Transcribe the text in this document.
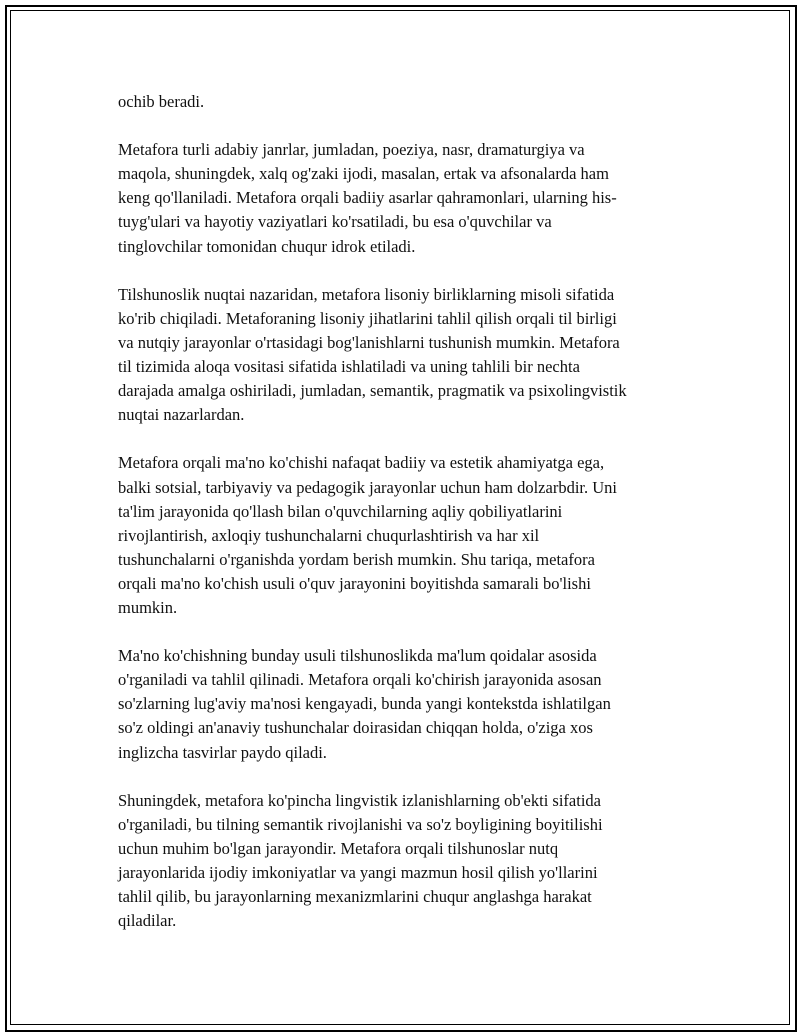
ochib beradi.

Metafora turli adabiy janrlar, jumladan, poeziya, nasr, dramaturgiya va
maqola, shuningdek, xalq og'zaki ijodi, masalan, ertak va afsonalarda ham
keng qo'llaniladi. Metafora orqali badiiy asarlar qahramonlari, ularning his-
tuyg'ulari va hayotiy vaziyatlari ko'rsatiladi, bu esa o'quvchilar va
tinglovchilar tomonidan chuqur idrok etiladi.

Tilshunoslik nuqtai nazaridan, metafora lisoniy birliklarning misoli sifatida
ko'rib chiqiladi. Metaforaning lisoniy jihatlarini tahlil qilish orqali til birligi
va nutqiy jarayonlar o'rtasidagi bog'lanishlarni tushunish mumkin. Metafora
til tizimida aloqa vositasi sifatida ishlatiladi va uning tahlili bir nechta
darajada amalga oshiriladi, jumladan, semantik, pragmatik va psixolingvistik
nuqtai nazarlardan.

Metafora orqali ma'no ko'chishi nafaqat badiiy va estetik ahamiyatga ega,
balki sotsial, tarbiyaviy va pedagogik jarayonlar uchun ham dolzarbdir. Uni
ta'lim jarayonida qo'llash bilan o'quvchilarning aqliy qobiliyatlarini
rivojlantirish, axloqiy tushunchalarni chuqurlashtirish va har xil
tushunchalarni o'rganishda yordam berish mumkin. Shu tariqa, metafora
orqali ma'no ko'chish usuli o'quv jarayonini boyitishda samarali bo'lishi
mumkin.

Ma'no ko'chishning bunday usuli tilshunoslikda ma'lum qoidalar asosida
o'rganiladi va tahlil qilinadi. Metafora orqali ko'chirish jarayonida asosan
so'zlarning lug'aviy ma'nosi kengayadi, bunda yangi kontekstda ishlatilgan
so'z oldingi an'anaviy tushunchalar doirasidan chiqqan holda, o'ziga xos
inglizcha tasvirlar paydo qiladi.

Shuningdek, metafora ko'pincha lingvistik izlanishlarning ob'ekti sifatida
o'rganiladi, bu tilning semantik rivojlanishi va so'z boyligining boyitilishi
uchun muhim bo'lgan jarayondir. Metafora orqali tilshunoslar nutq
jarayonlarida ijodiy imkoniyatlar va yangi mazmun hosil qilish yo'llarini
tahlil qilib, bu jarayonlarning mexanizmlarini chuqur anglashga harakat
qiladilar.
